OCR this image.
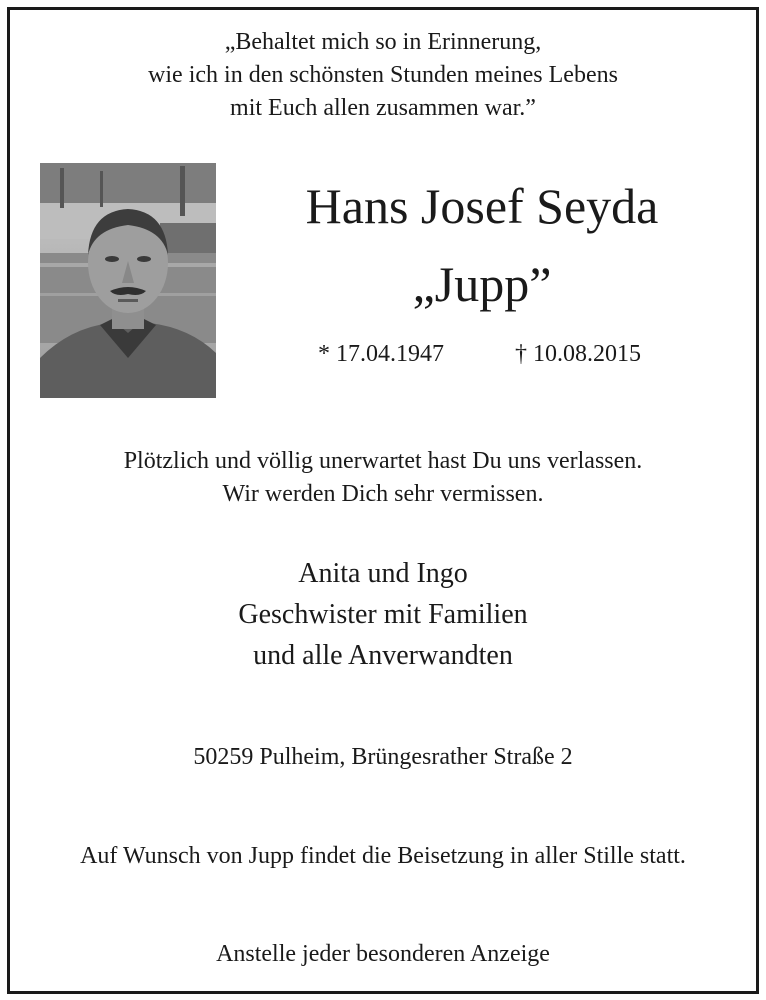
„Behaltet mich so in Erinnerung,
wie ich in den schönsten Stunden meines Lebens
mit Euch allen zusammen war.”
Hans Josef Seyda
„Jupp”
* 17.04.1947	† 10.08.2015
Plötzlich und völlig unerwartet hast Du uns verlassen.
Wir werden Dich sehr vermissen.
Anita und Ingo
Geschwister mit Familien
und alle Anverwandten
50259 Pulheim, Brüngesrather Straße 2
Auf Wunsch von Jupp findet die Beisetzung in aller Stille statt.
Anstelle jeder besonderen Anzeige
